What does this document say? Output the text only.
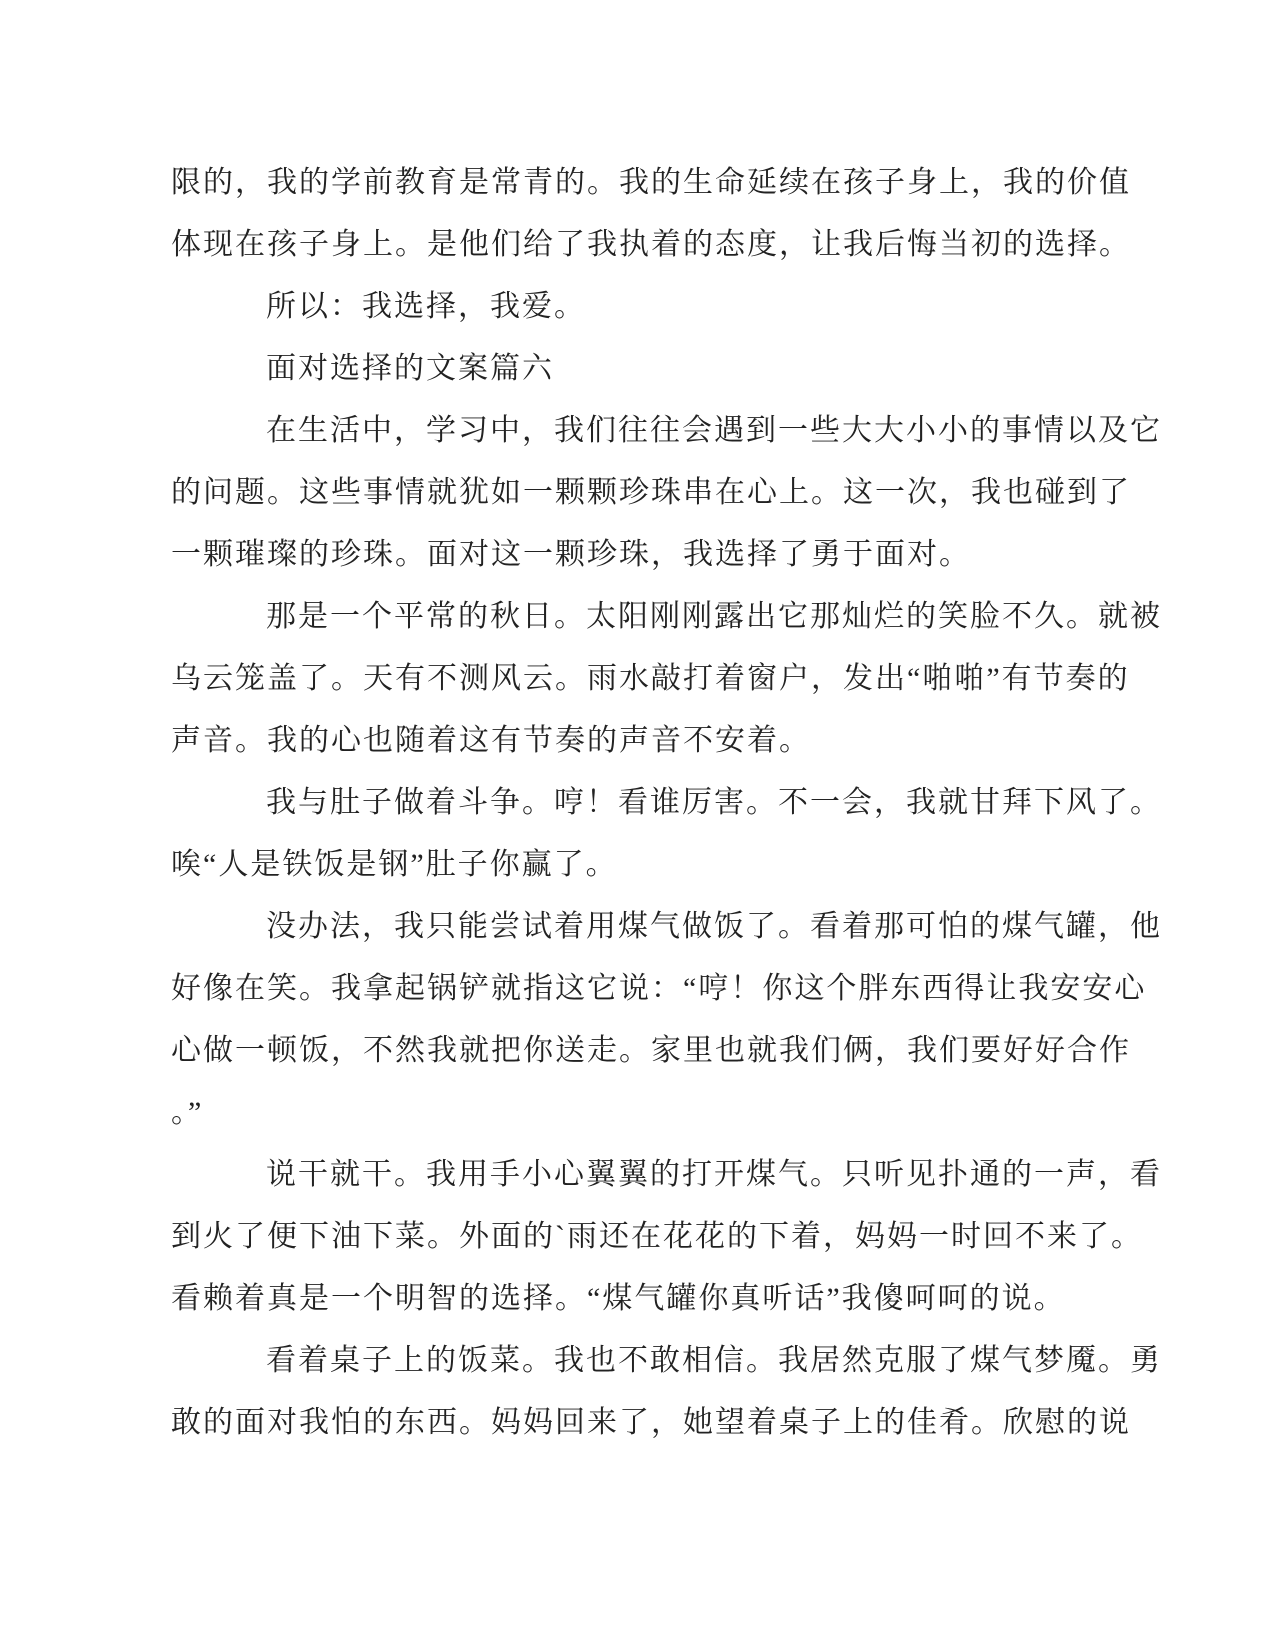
限的，我的学前教育是常青的。我的生命延续在孩子身上，我的价值
体现在孩子身上。是他们给了我执着的态度，让我后悔当初的选择。
所以：我选择，我爱。
面对选择的文案篇六
在生活中，学习中，我们往往会遇到一些大大小小的事情以及它
的问题。这些事情就犹如一颗颗珍珠串在心上。这一次，我也碰到了
一颗璀璨的珍珠。面对这一颗珍珠，我选择了勇于面对。
那是一个平常的秋日。太阳刚刚露出它那灿烂的笑脸不久。就被
乌云笼盖了。天有不测风云。雨水敲打着窗户，发出“啪啪”有节奏的
声音。我的心也随着这有节奏的声音不安着。
我与肚子做着斗争。哼！看谁厉害。不一会，我就甘拜下风了。
唉“人是铁饭是钢”肚子你赢了。
没办法，我只能尝试着用煤气做饭了。看着那可怕的煤气罐，他
好像在笑。我拿起锅铲就指这它说：“哼！你这个胖东西得让我安安心
心做一顿饭，不然我就把你送走。家里也就我们俩，我们要好好合作
。”
说干就干。我用手小心翼翼的打开煤气。只听见扑通的一声，看
到火了便下油下菜。外面的`雨还在花花的下着，妈妈一时回不来了。
看赖着真是一个明智的选择。“煤气罐你真听话”我傻呵呵的说。
看着桌子上的饭菜。我也不敢相信。我居然克服了煤气梦魇。勇
敢的面对我怕的东西。妈妈回来了，她望着桌子上的佳肴。欣慰的说
